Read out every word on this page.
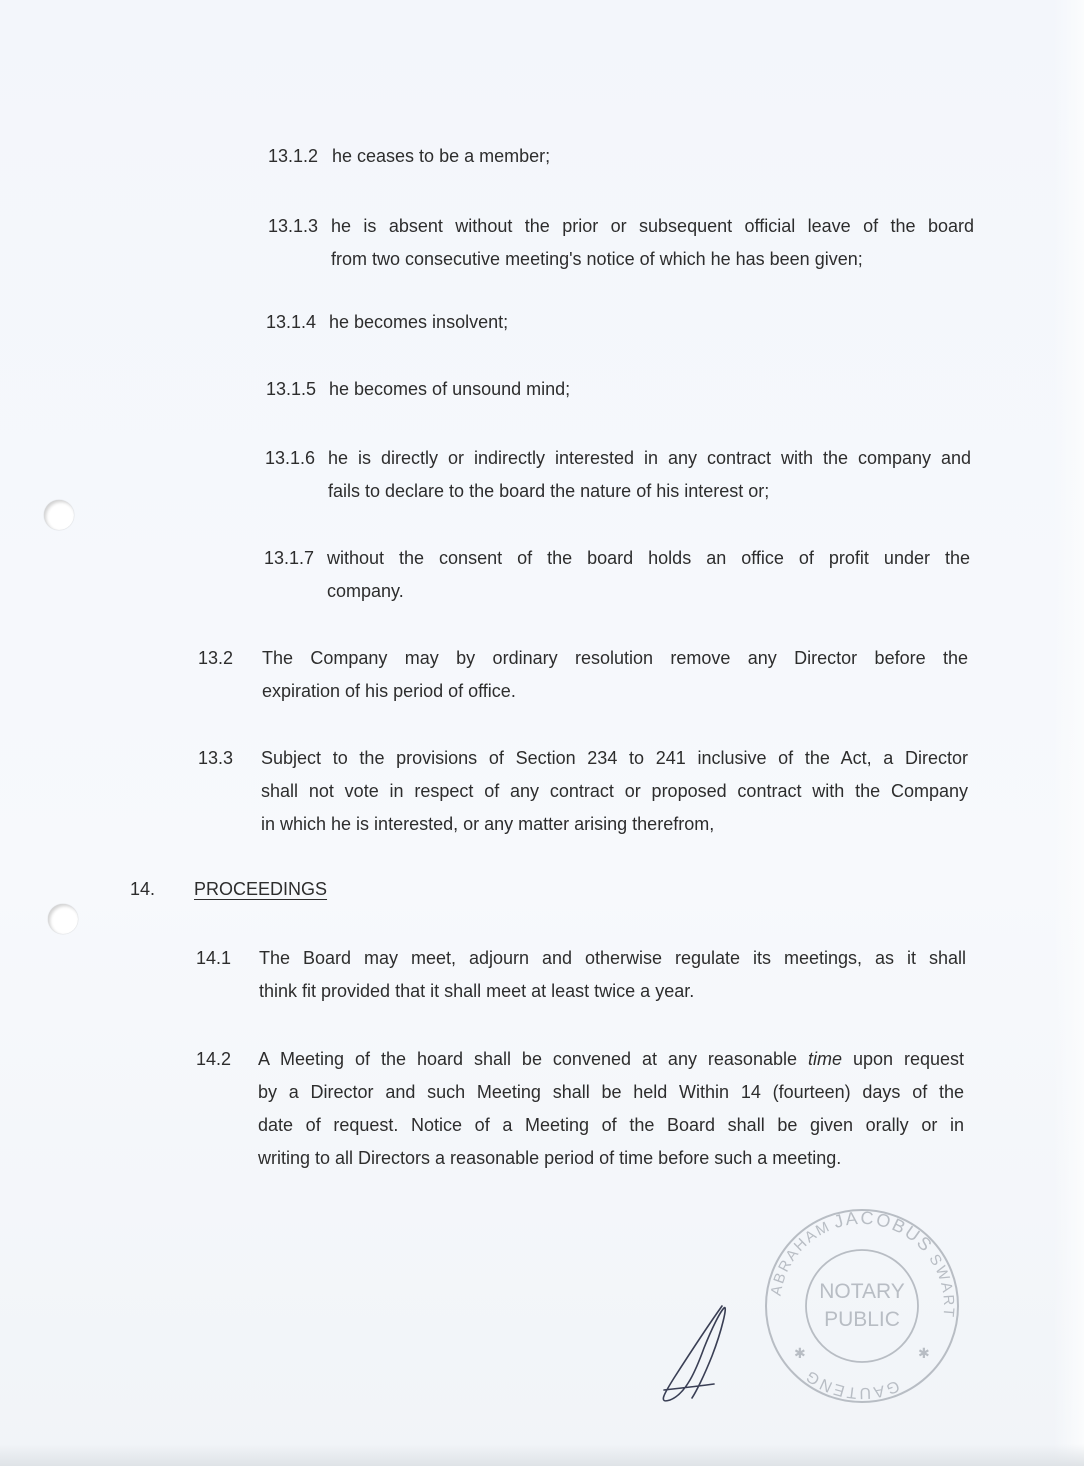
13.1.2 he ceases to be a member;
13.1.3 he is absent without the prior or subsequent official leave of the board
from two consecutive meeting's notice of which he has been given;
13.1.4 he becomes insolvent;
13.1.5 he becomes of unsound mind;
13.1.6 he is directly or indirectly interested in any contract with the company and
fails to declare to the board the nature of his interest or;
13.1.7 without the consent of the board holds an office of profit under the
company.
13.2 The Company may by ordinary resolution remove any Director before the
expiration of his period of office.
13.3 Subject to the provisions of Section 234 to 241 inclusive of the Act, a Director
shall not vote in respect of any contract or proposed contract with the Company
in which he is interested, or any matter arising therefrom,
14. PROCEEDINGS
14.1 The Board may meet, adjourn and otherwise regulate its meetings, as it shall
think fit provided that it shall meet at least twice a year.
14.2 A Meeting of the hoard shall be convened at any reasonable time upon request
by a Director and such Meeting shall be held Within 14 (fourteen) days of the
date of request. Notice of a Meeting of the Board shall be given orally or in
writing to all Directors a reasonable period of time before such a meeting.
JACOBUS
ABRAHAM
SWART
GAUTENG
NOTARY
PUBLIC
✱	✱
